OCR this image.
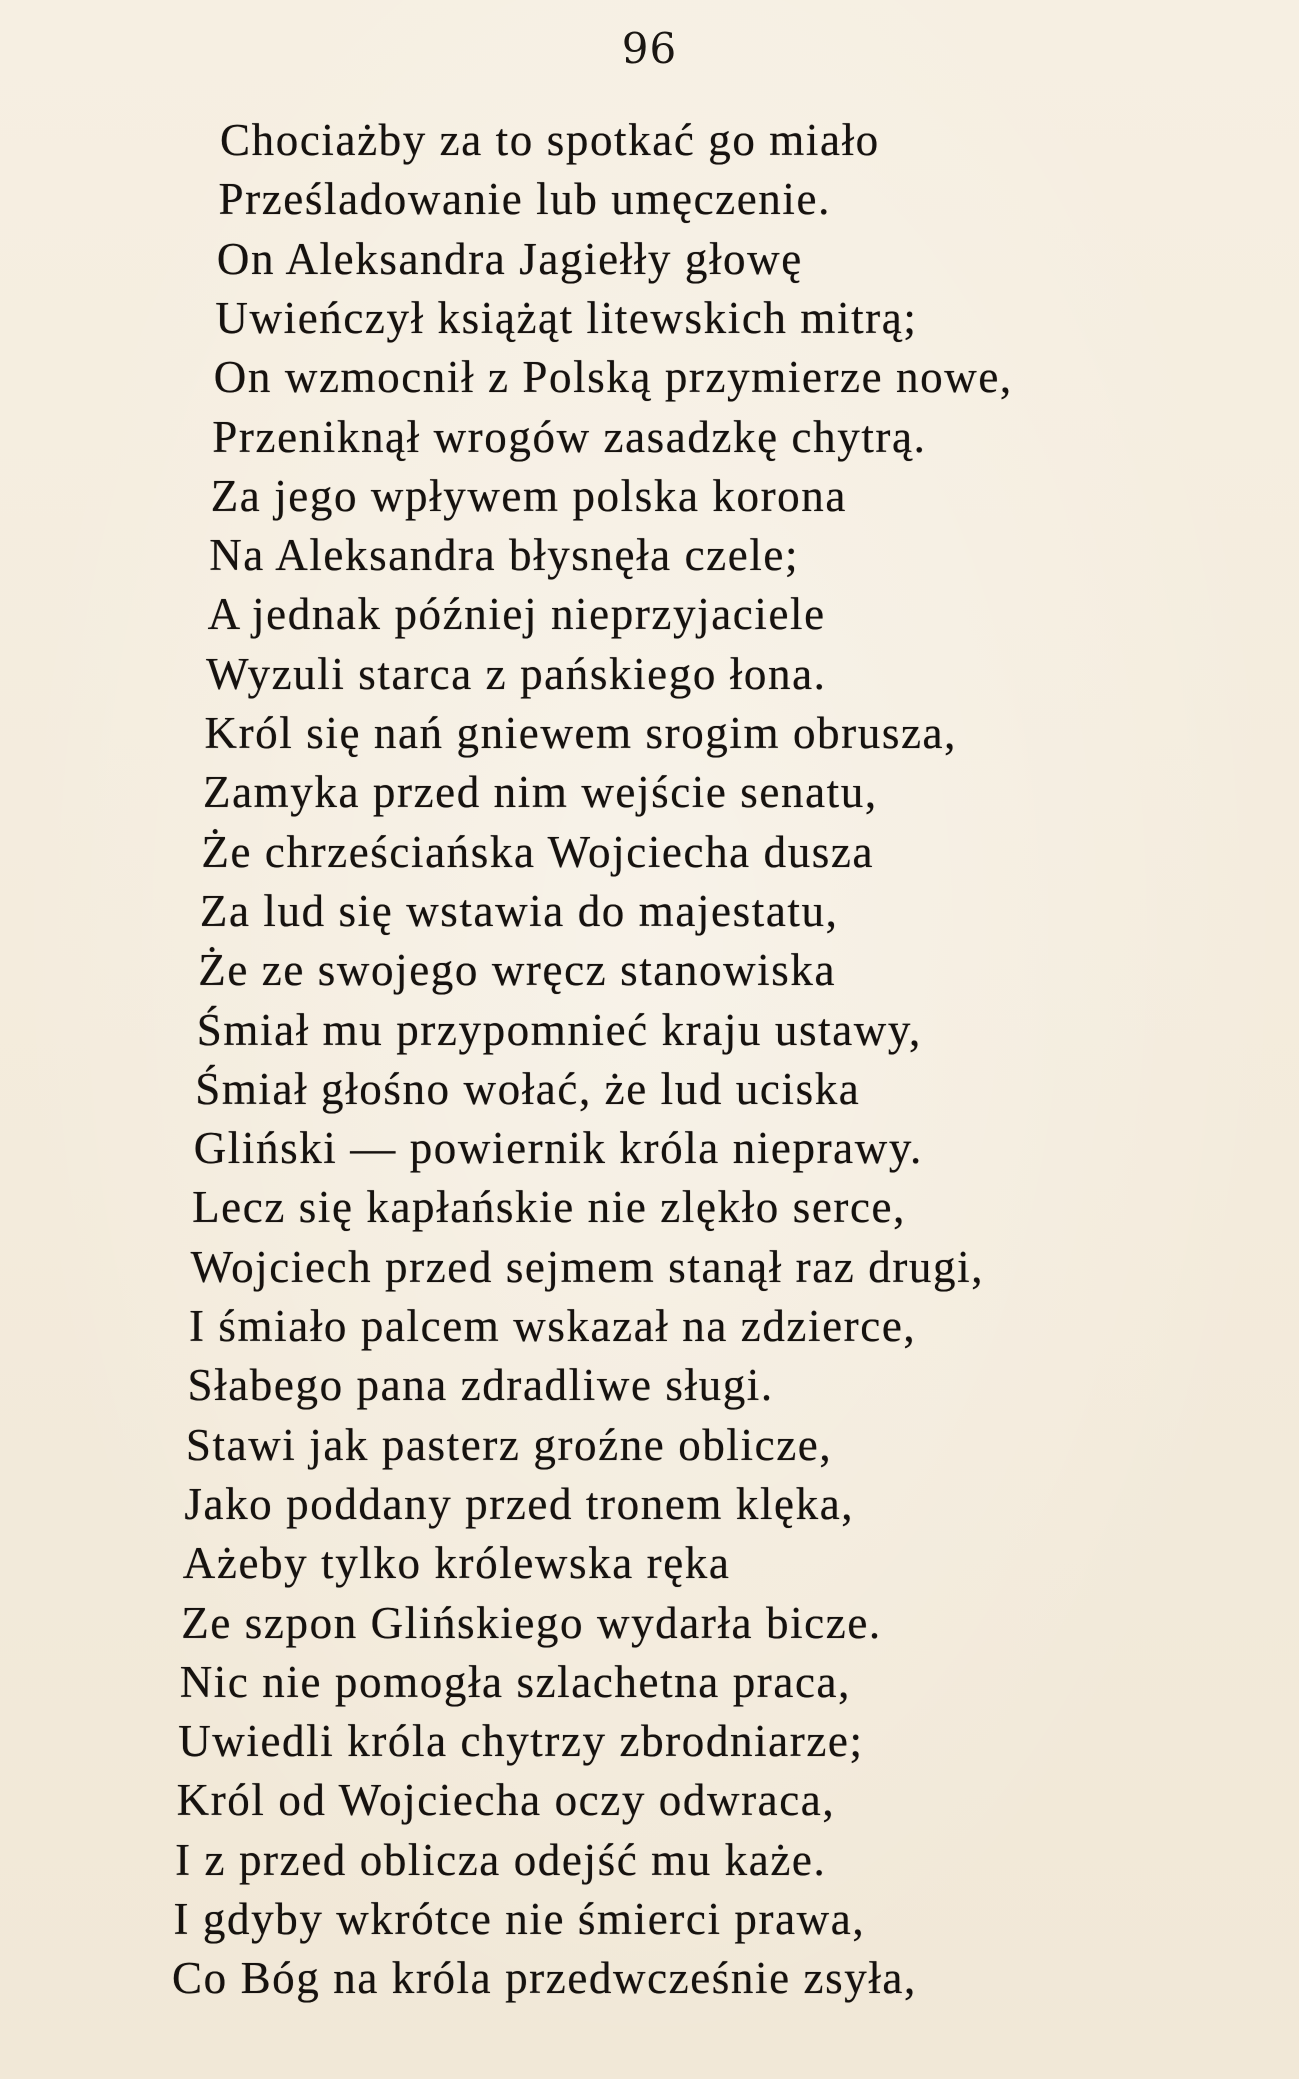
96
Chociażby za to spotkać go miało
Prześladowanie lub umęczenie.
On Aleksandra Jagiełły głowę
Uwieńczył książąt litewskich mitrą;
On wzmocnił z Polską przymierze nowe,
Przeniknął wrogów zasadzkę chytrą.
Za jego wpływem polska korona
Na Aleksandra błysnęła czele;
A jednak później nieprzyjaciele
Wyzuli starca z pańskiego łona.
Król się nań gniewem srogim obrusza,
Zamyka przed nim wejście senatu,
Że chrześciańska Wojciecha dusza
Za lud się wstawia do majestatu,
Że ze swojego wręcz stanowiska
Śmiał mu przypomnieć kraju ustawy,
Śmiał głośno wołać, że lud uciska
Gliński — powiernik króla nieprawy.
Lecz się kapłańskie nie zlękło serce,
Wojciech przed sejmem stanął raz drugi,
I śmiało palcem wskazał na zdzierce,
Słabego pana zdradliwe sługi.
Stawi jak pasterz groźne oblicze,
Jako poddany przed tronem klęka,
Ażeby tylko królewska ręka
Ze szpon Glińskiego wydarła bicze.
Nic nie pomogła szlachetna praca,
Uwiedli króla chytrzy zbrodniarze;
Król od Wojciecha oczy odwraca,
I z przed oblicza odejść mu każe.
I gdyby wkrótce nie śmierci prawa,
Co Bóg na króla przedwcześnie zsyła,
